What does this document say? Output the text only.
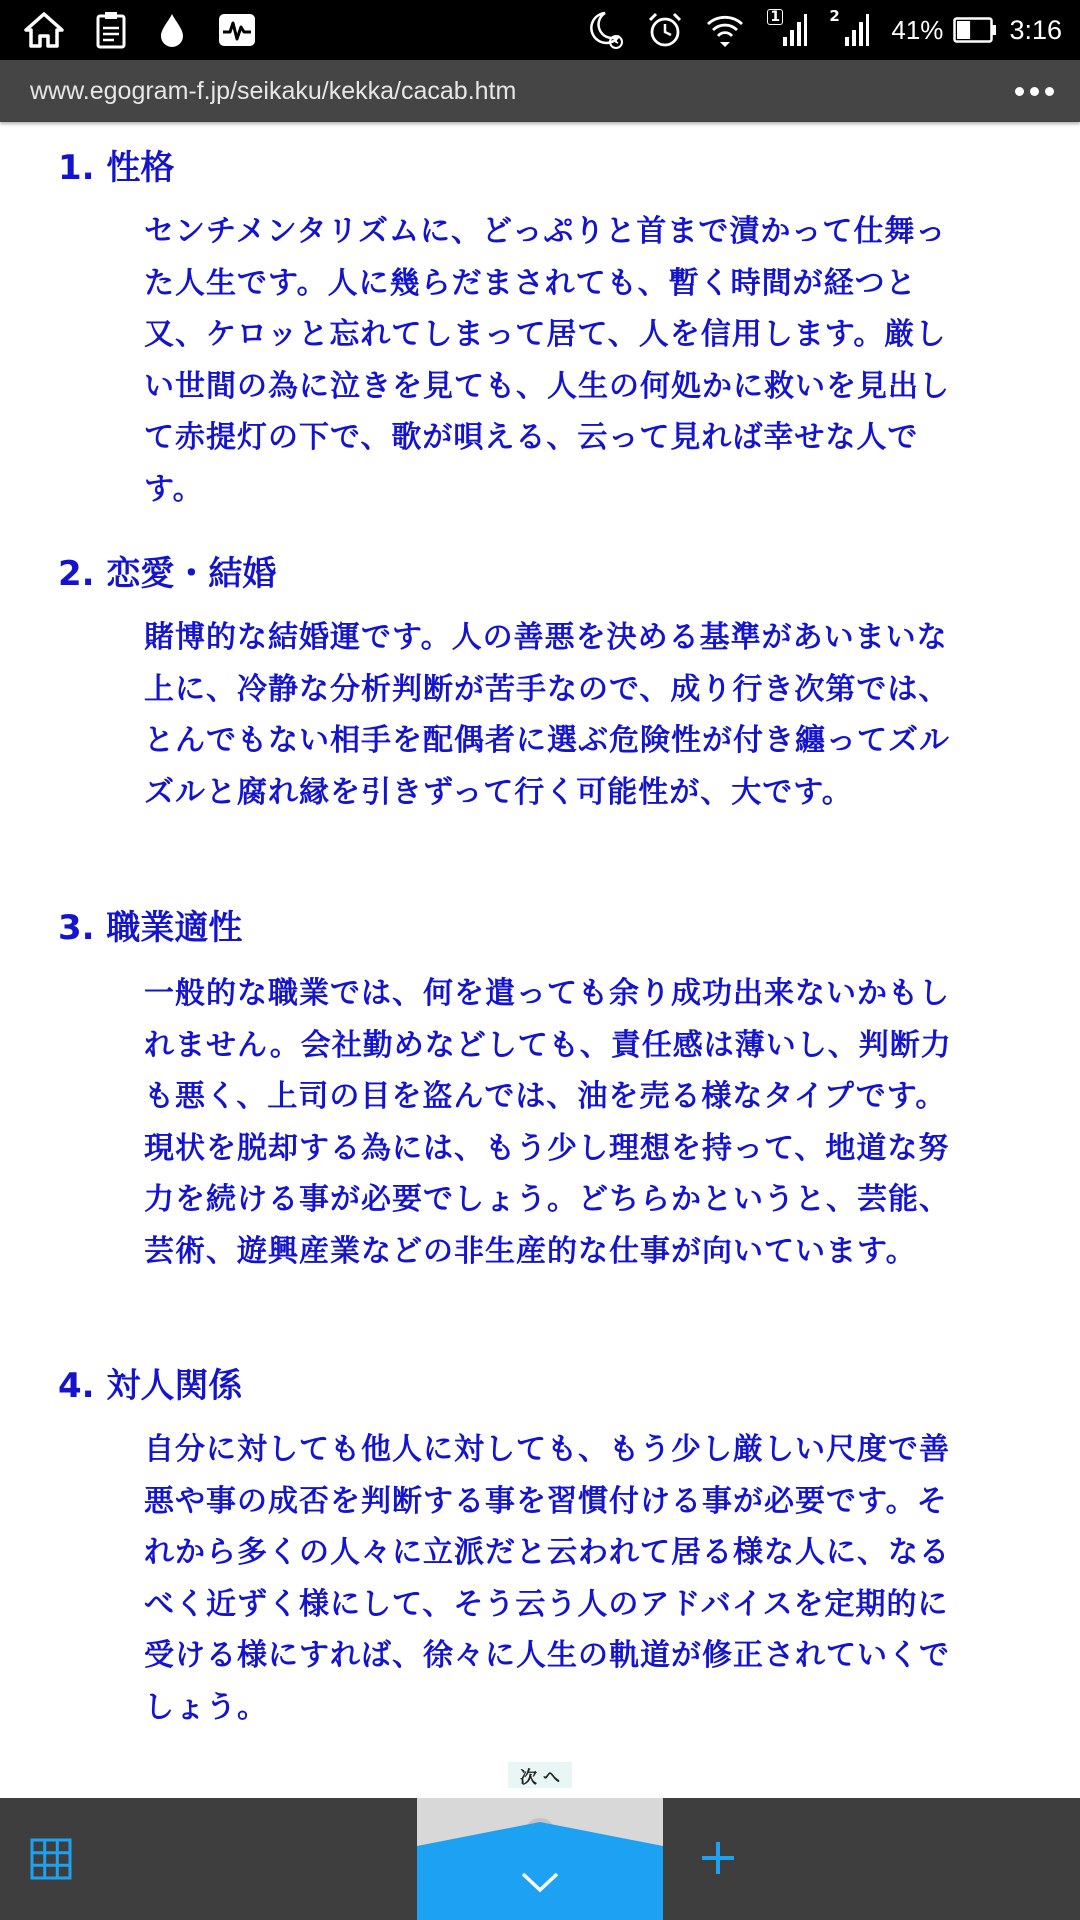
1	2 41% 3:16
www.egogram-f.jp/seikaku/kekka/cacab.htm
1. 性格
センチメンタリズムに、どっぷりと首まで漬かって仕舞った人生です。人に幾らだまされても、暫く時間が経つと又、ケロッと忘れてしまって居て、人を信用します。厳しい世間の為に泣きを見ても、人生の何処かに救いを見出して赤提灯の下で、歌が唄える、云って見れば幸せな人です。
2. 恋愛・結婚
賭博的な結婚運です。人の善悪を決める基準があいまいな上に、冷静な分析判断が苦手なので、成り行き次第では、とんでもない相手を配偶者に選ぶ危険性が付き纏ってズルズルと腐れ縁を引きずって行く可能性が、大です。
3. 職業適性
一般的な職業では、何を遣っても余り成功出来ないかもしれません。会社勤めなどしても、責任感は薄いし、判断力も悪く、上司の目を盗んでは、油を売る様なタイプです。現状を脱却する為には、もう少し理想を持って、地道な努力を続ける事が必要でしょう。どちらかというと、芸能、芸術、遊興産業などの非生産的な仕事が向いています。
4. 対人関係
自分に対しても他人に対しても、もう少し厳しい尺度で善悪や事の成否を判断する事を習慣付ける事が必要です。それから多くの人々に立派だと云われて居る様な人に、なるべく近ずく様にして、そう云う人のアドバイスを定期的に受ける様にすれば、徐々に人生の軌道が修正されていくでしょう。
次 へ
